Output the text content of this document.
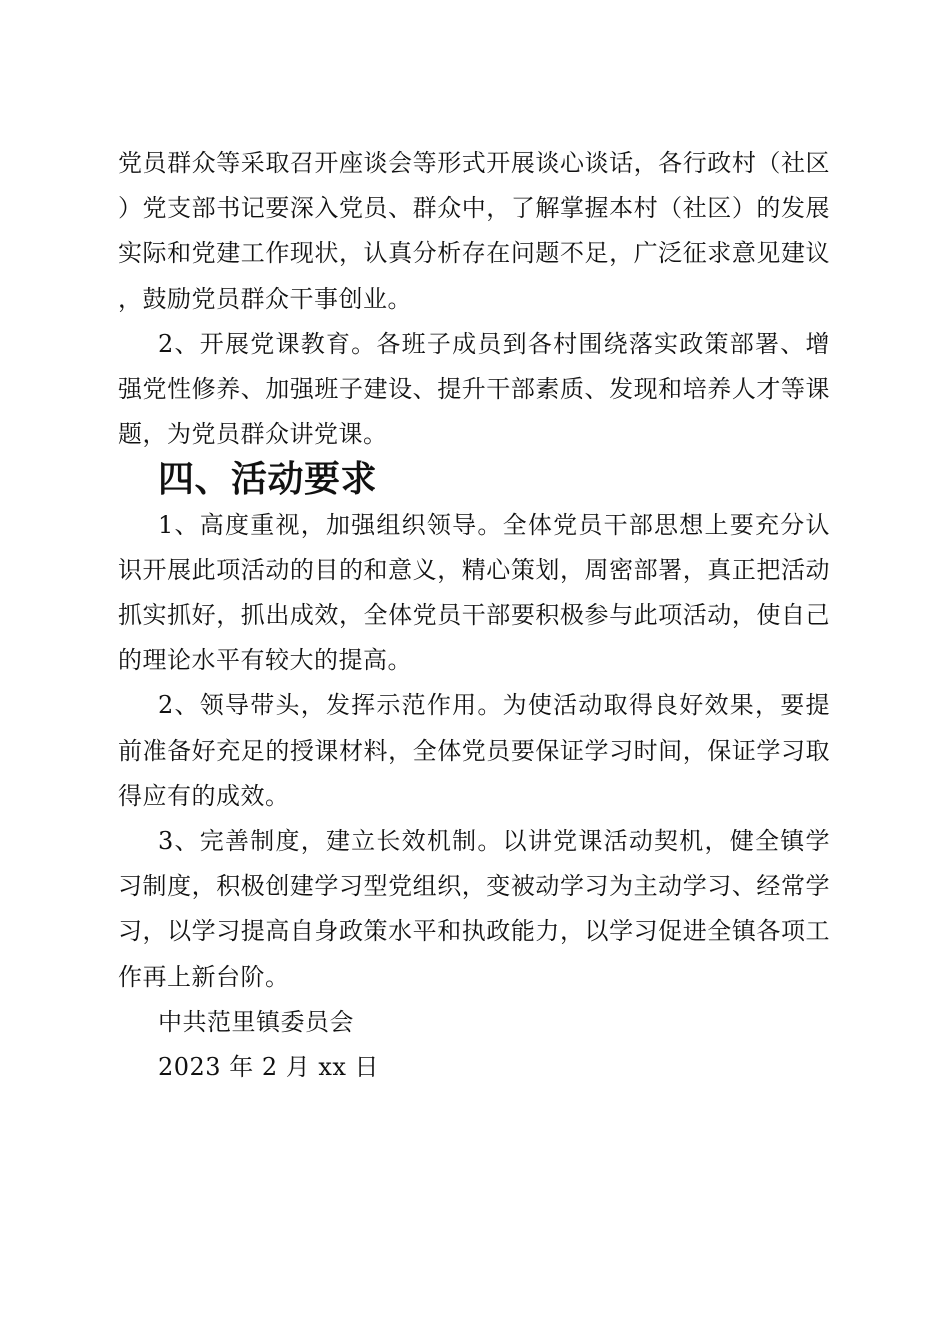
党员群众等采取召开座谈会等形式开展谈心谈话，各行政村（社区）党支部书记要深入党员、群众中，了解掌握本村（社区）的发展实际和党建工作现状，认真分析存在问题不足，广泛征求意见建议，鼓励党员群众干事创业。

2、开展党课教育。各班子成员到各村围绕落实政策部署、增强党性修养、加强班子建设、提升干部素质、发现和培养人才等课题，为党员群众讲党课。

四、活动要求

1、高度重视，加强组织领导。全体党员干部思想上要充分认识开展此项活动的目的和意义，精心策划，周密部署，真正把活动抓实抓好，抓出成效，全体党员干部要积极参与此项活动，使自己的理论水平有较大的提高。

2、领导带头，发挥示范作用。为使活动取得良好效果，要提前准备好充足的授课材料，全体党员要保证学习时间，保证学习取得应有的成效。

3、完善制度，建立长效机制。以讲党课活动契机，健全镇学习制度，积极创建学习型党组织，变被动学习为主动学习、经常学习，以学习提高自身政策水平和执政能力，以学习促进全镇各项工作再上新台阶。

中共范里镇委员会

2023 年 2 月 xx 日
